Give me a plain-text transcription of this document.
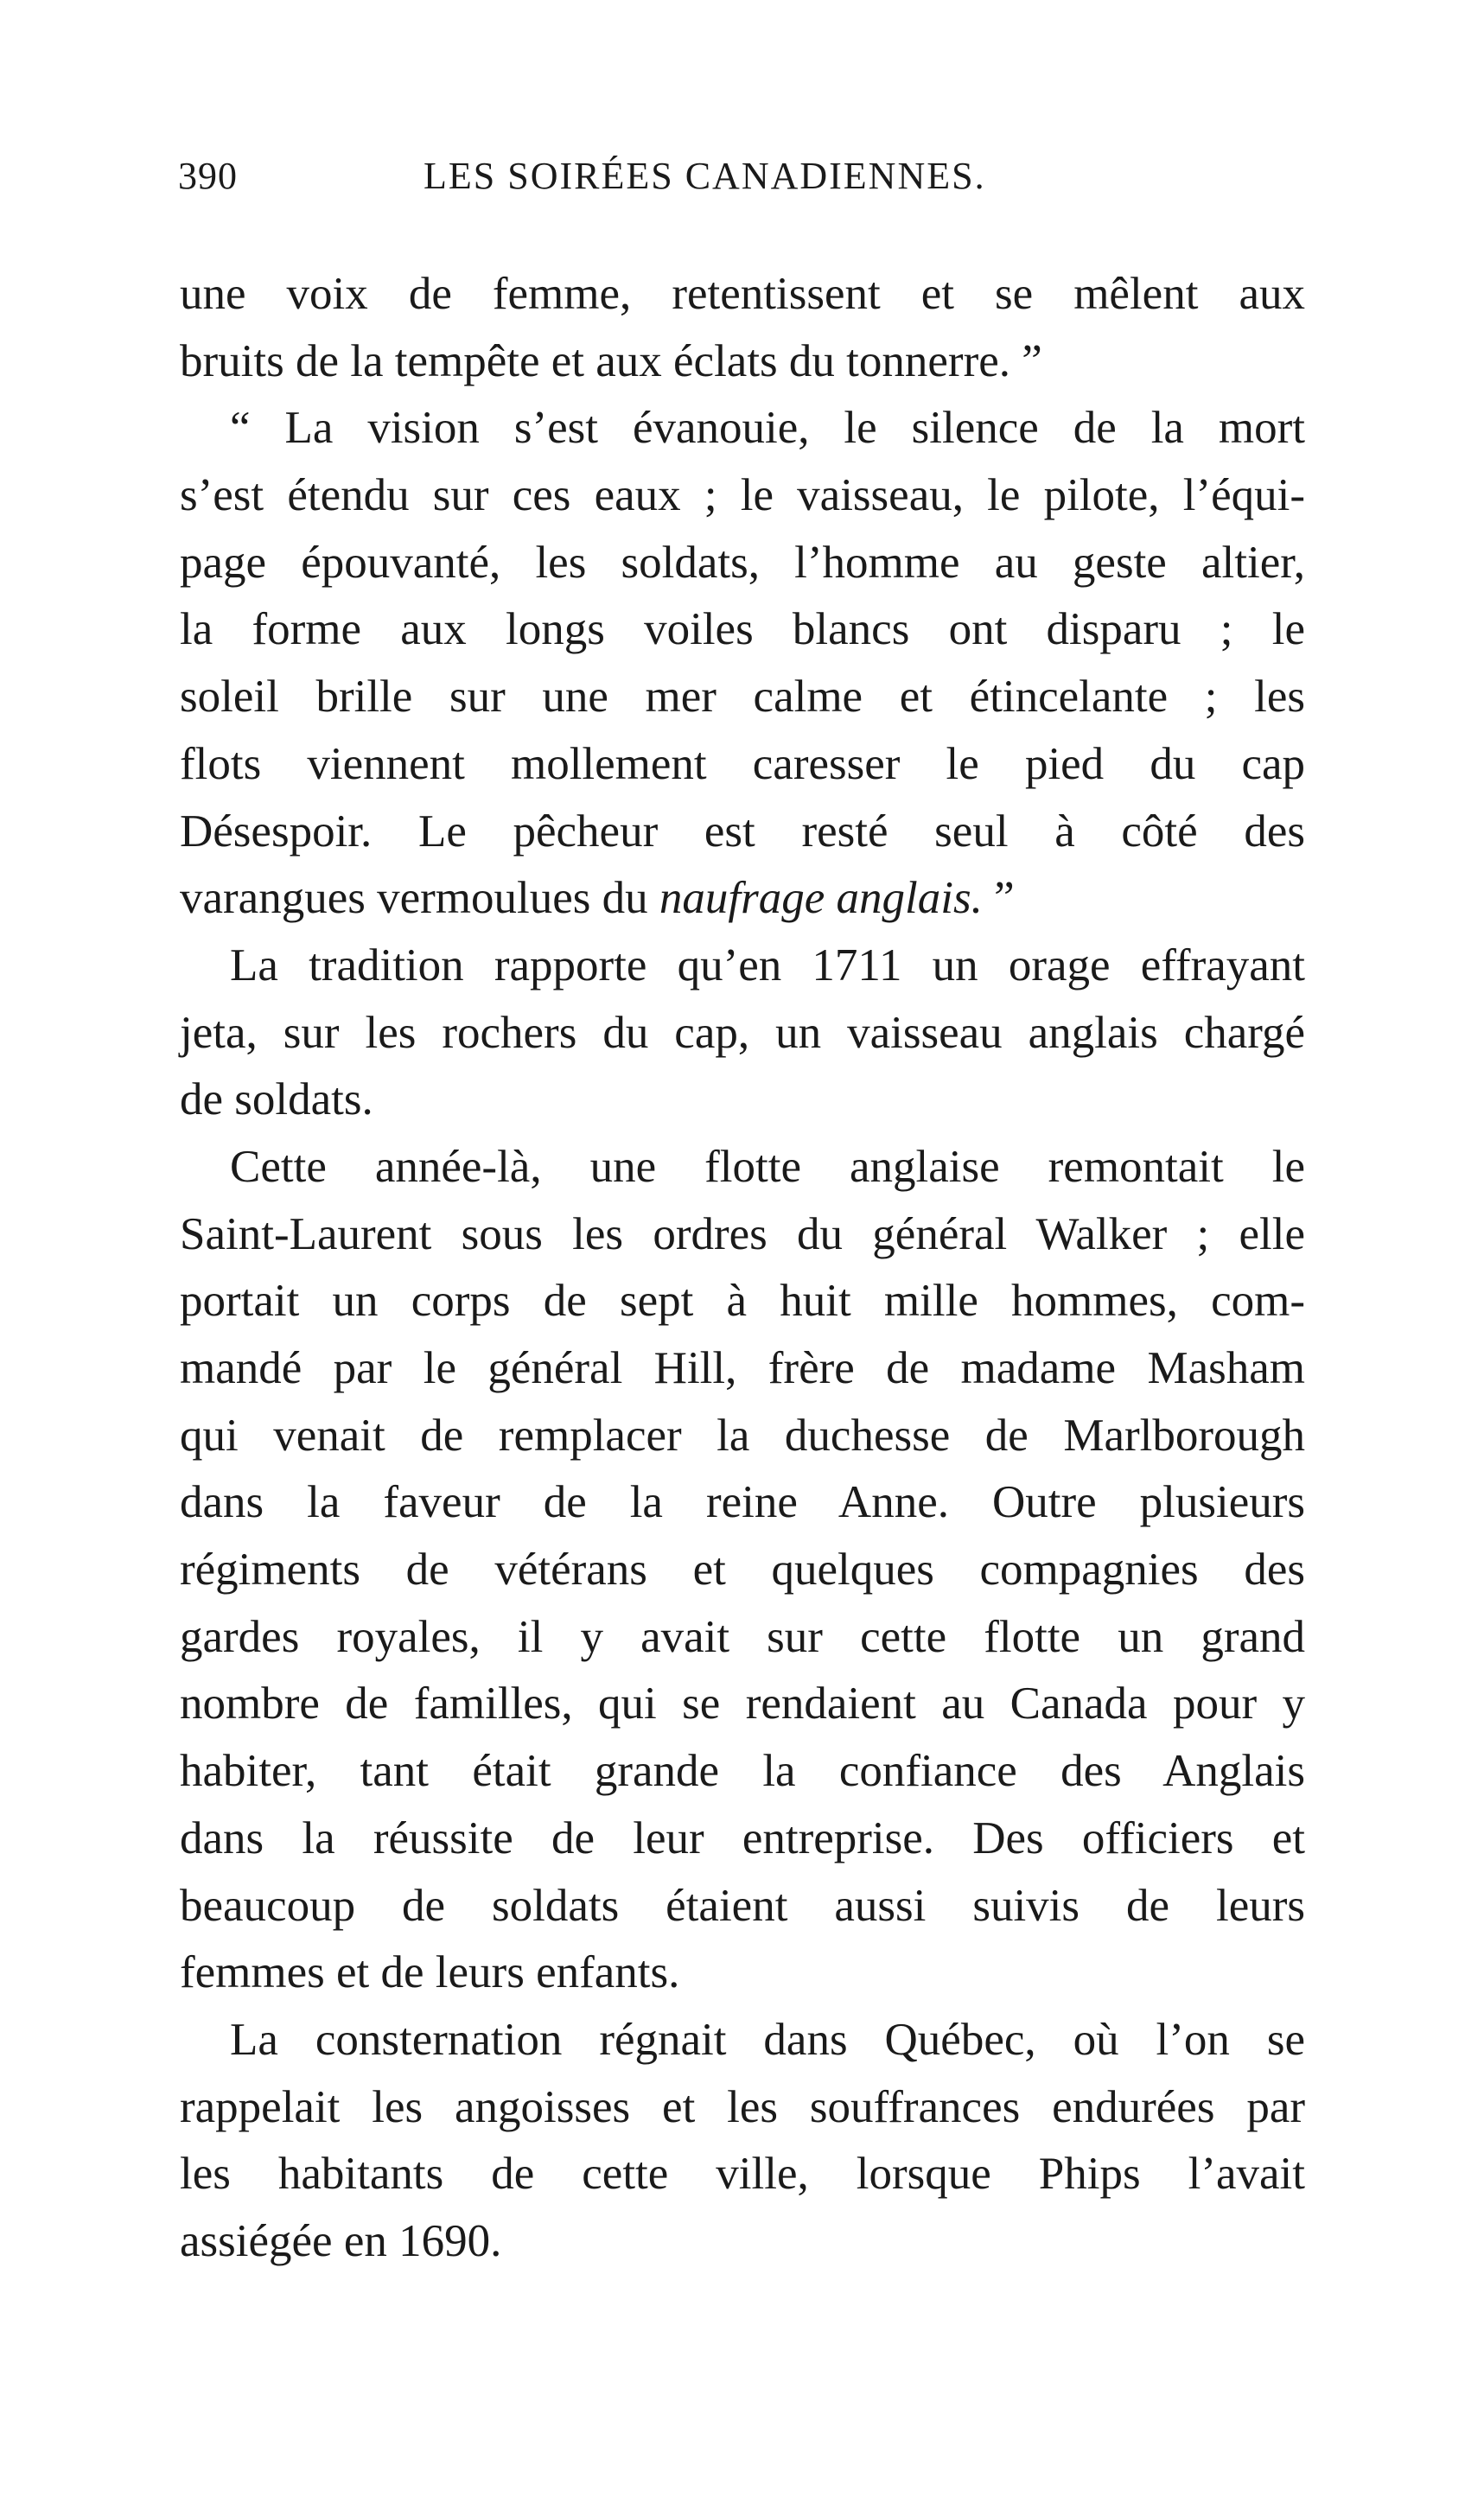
390	LES SOIRÉES CANADIENNES.
une voix de femme, retentissent et se mêlent aux
bruits de la tempête et aux éclats du tonnerre. ”
“ La vision s’est évanouie, le silence de la mort
s’est étendu sur ces eaux ; le vaisseau, le pilote, l’équi-
page épouvanté, les soldats, l’homme au geste altier,
la forme aux longs voiles blancs ont disparu ; le
soleil brille sur une mer calme et étincelante ; les
flots viennent mollement caresser le pied du cap
Désespoir. Le pêcheur est resté seul à côté des
varangues vermoulues du naufrage anglais. ”
La tradition rapporte qu’en 1711 un orage effrayant
jeta, sur les rochers du cap, un vaisseau anglais chargé
de soldats.
Cette année-là, une flotte anglaise remontait le
Saint-Laurent sous les ordres du général Walker ; elle
portait un corps de sept à huit mille hommes, com-
mandé par le général Hill, frère de madame Masham
qui venait de remplacer la duchesse de Marlborough
dans la faveur de la reine Anne. Outre plusieurs
régiments de vétérans et quelques compagnies des
gardes royales, il y avait sur cette flotte un grand
nombre de familles, qui se rendaient au Canada pour y
habiter, tant était grande la confiance des Anglais
dans la réussite de leur entreprise. Des officiers et
beaucoup de soldats étaient aussi suivis de leurs
femmes et de leurs enfants.
La consternation régnait dans Québec, où l’on se
rappelait les angoisses et les souffrances endurées par
les habitants de cette ville, lorsque Phips l’avait
assiégée en 1690.
